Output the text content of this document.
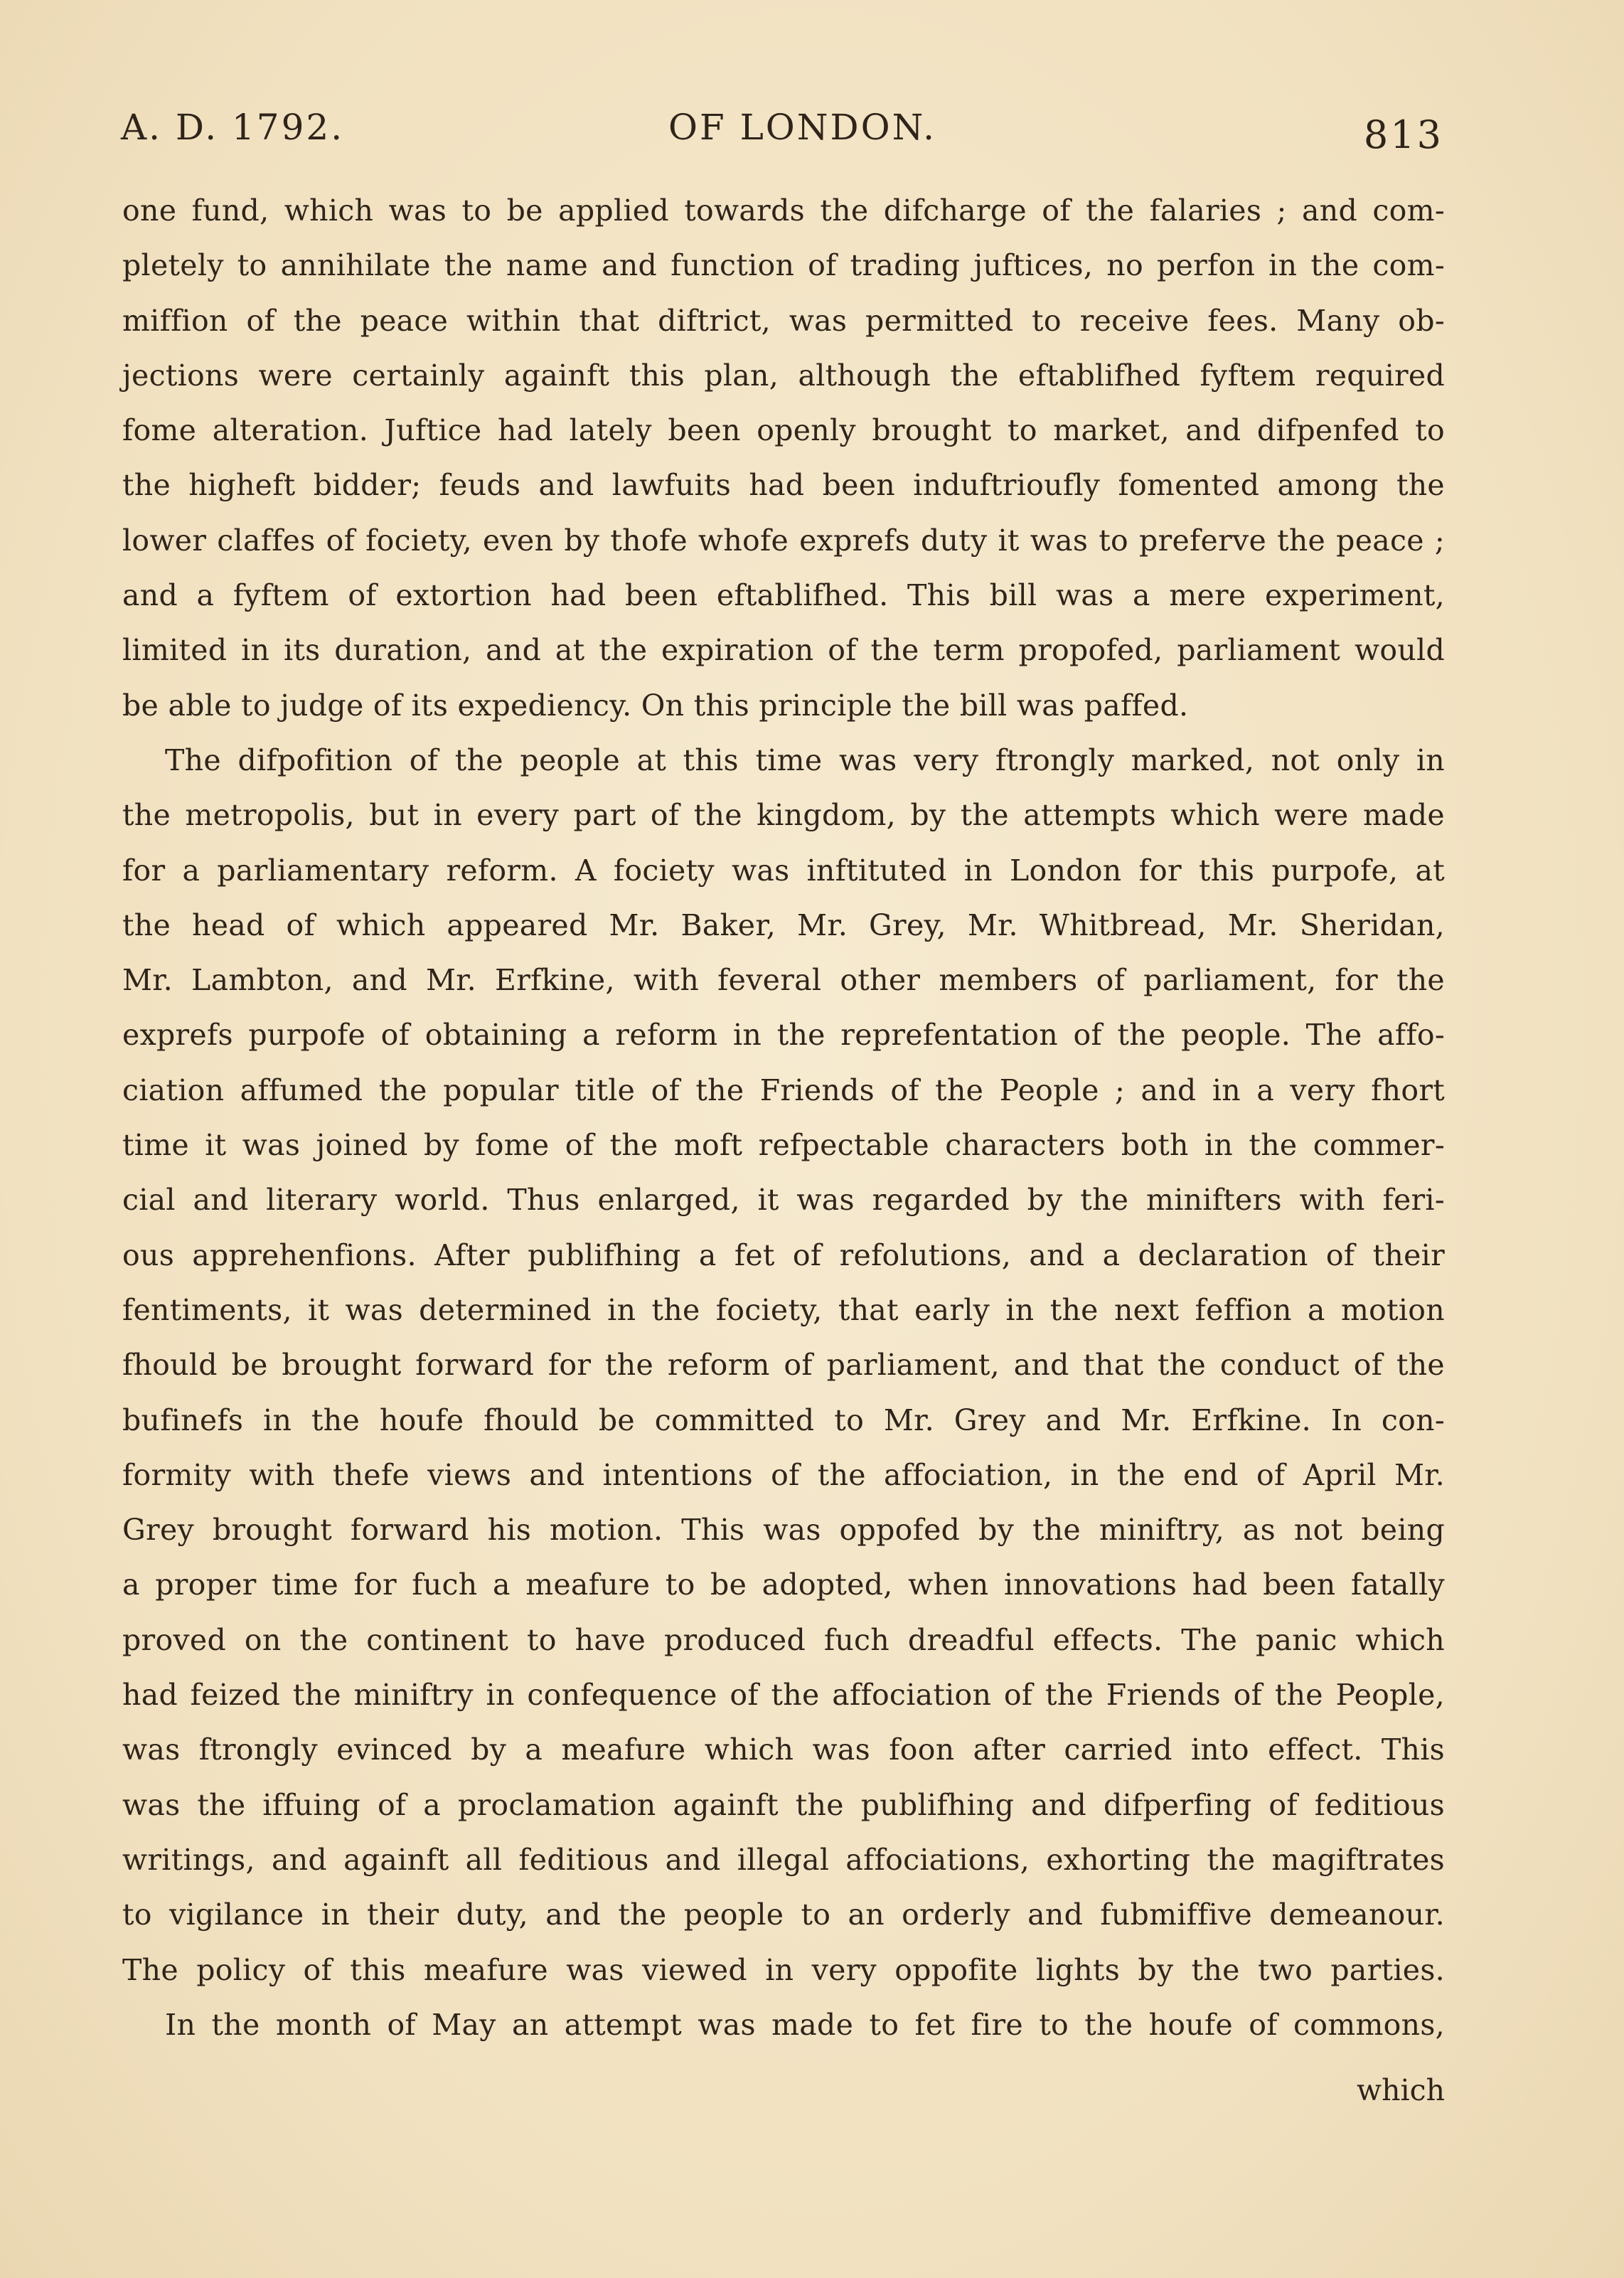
A. D. 1792.	OF LONDON.	813
one fund, which was to be applied towards the difcharge of the falaries ; and com-
pletely to annihilate the name and function of trading juftices, no perfon in the com-
miffion of the peace within that diftrict, was permitted to receive fees. Many ob-
jections were certainly againft this plan, although the eftablifhed fyftem required
fome alteration. Juftice had lately been openly brought to market, and difpenfed to
the higheft bidder; feuds and lawfuits had been induftrioufly fomented among the
lower claffes of fociety, even by thofe whofe exprefs duty it was to preferve the peace ;
and a fyftem of extortion had been eftablifhed. This bill was a mere experiment,
limited in its duration, and at the expiration of the term propofed, parliament would
be able to judge of its expediency. On this principle the bill was paffed.
The difpofition of the people at this time was very ftrongly marked, not only in
the metropolis, but in every part of the kingdom, by the attempts which were made
for a parliamentary reform. A fociety was inftituted in London for this purpofe, at
the head of which appeared Mr. Baker, Mr. Grey, Mr. Whitbread, Mr. Sheridan,
Mr. Lambton, and Mr. Erfkine, with feveral other members of parliament, for the
exprefs purpofe of obtaining a reform in the reprefentation of the people. The affo-
ciation affumed the popular title of the Friends of the People ; and in a very fhort
time it was joined by fome of the moft refpectable characters both in the commer-
cial and literary world. Thus enlarged, it was regarded by the minifters with feri-
ous apprehenfions. After publifhing a fet of refolutions, and a declaration of their
fentiments, it was determined in the fociety, that early in the next feffion a motion
fhould be brought forward for the reform of parliament, and that the conduct of the
bufinefs in the houfe fhould be committed to Mr. Grey and Mr. Erfkine. In con-
formity with thefe views and intentions of the affociation, in the end of April Mr.
Grey brought forward his motion. This was oppofed by the miniftry, as not being
a proper time for fuch a meafure to be adopted, when innovations had been fatally
proved on the continent to have produced fuch dreadful effects. The panic which
had feized the miniftry in confequence of the affociation of the Friends of the People,
was ftrongly evinced by a meafure which was foon after carried into effect. This
was the iffuing of a proclamation againft the publifhing and difperfing of feditious
writings, and againft all feditious and illegal affociations, exhorting the magiftrates
to vigilance in their duty, and the people to an orderly and fubmiffive demeanour.
The policy of this meafure was viewed in very oppofite lights by the two parties.
In the month of May an attempt was made to fet fire to the houfe of commons,
which
